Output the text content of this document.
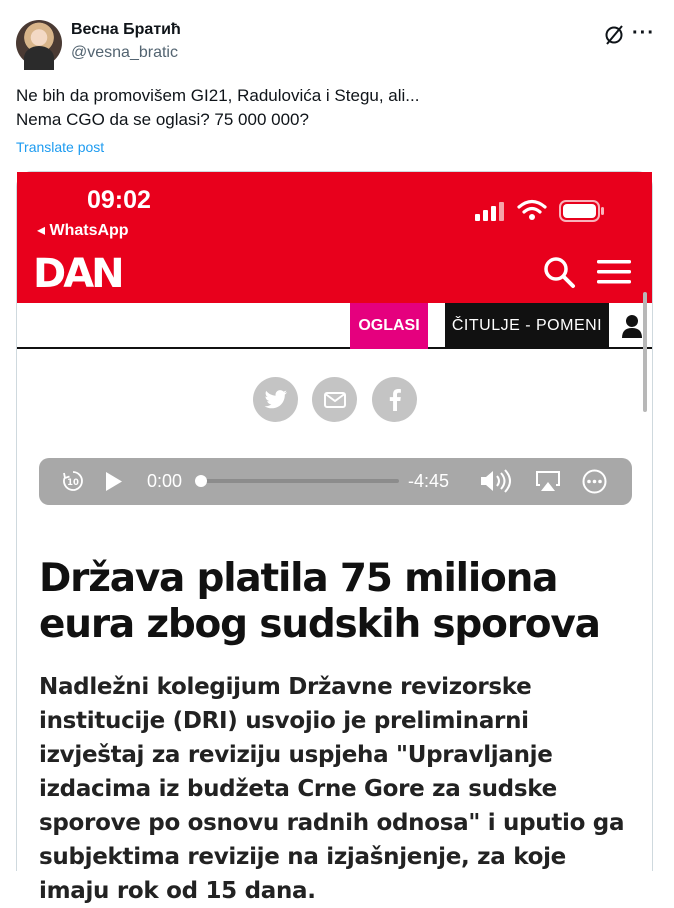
Весна Братић
@vesna_bratic
···
Ne bih da promovišem GI21, Radulovića i Stegu, ali...
Nema CGO da se oglasi? 75 000 000?
Translate post
09:02
◂ WhatsApp
DAN
OGLASI	ČITULJE - POMENI
10	0:00	-4:45
Država platila 75 miliona eura zbog sudskih sporova
Nadležni kolegijum Državne revizorske institucije (DRI) usvojio je preliminarni izvještaj za reviziju uspjeha "Upravljanje izdacima iz budžeta Crne Gore za sudske sporove po osnovu radnih odnosa" i uputio ga subjektima revizije na izjašnjenje, za koje imaju rok od 15 dana.
